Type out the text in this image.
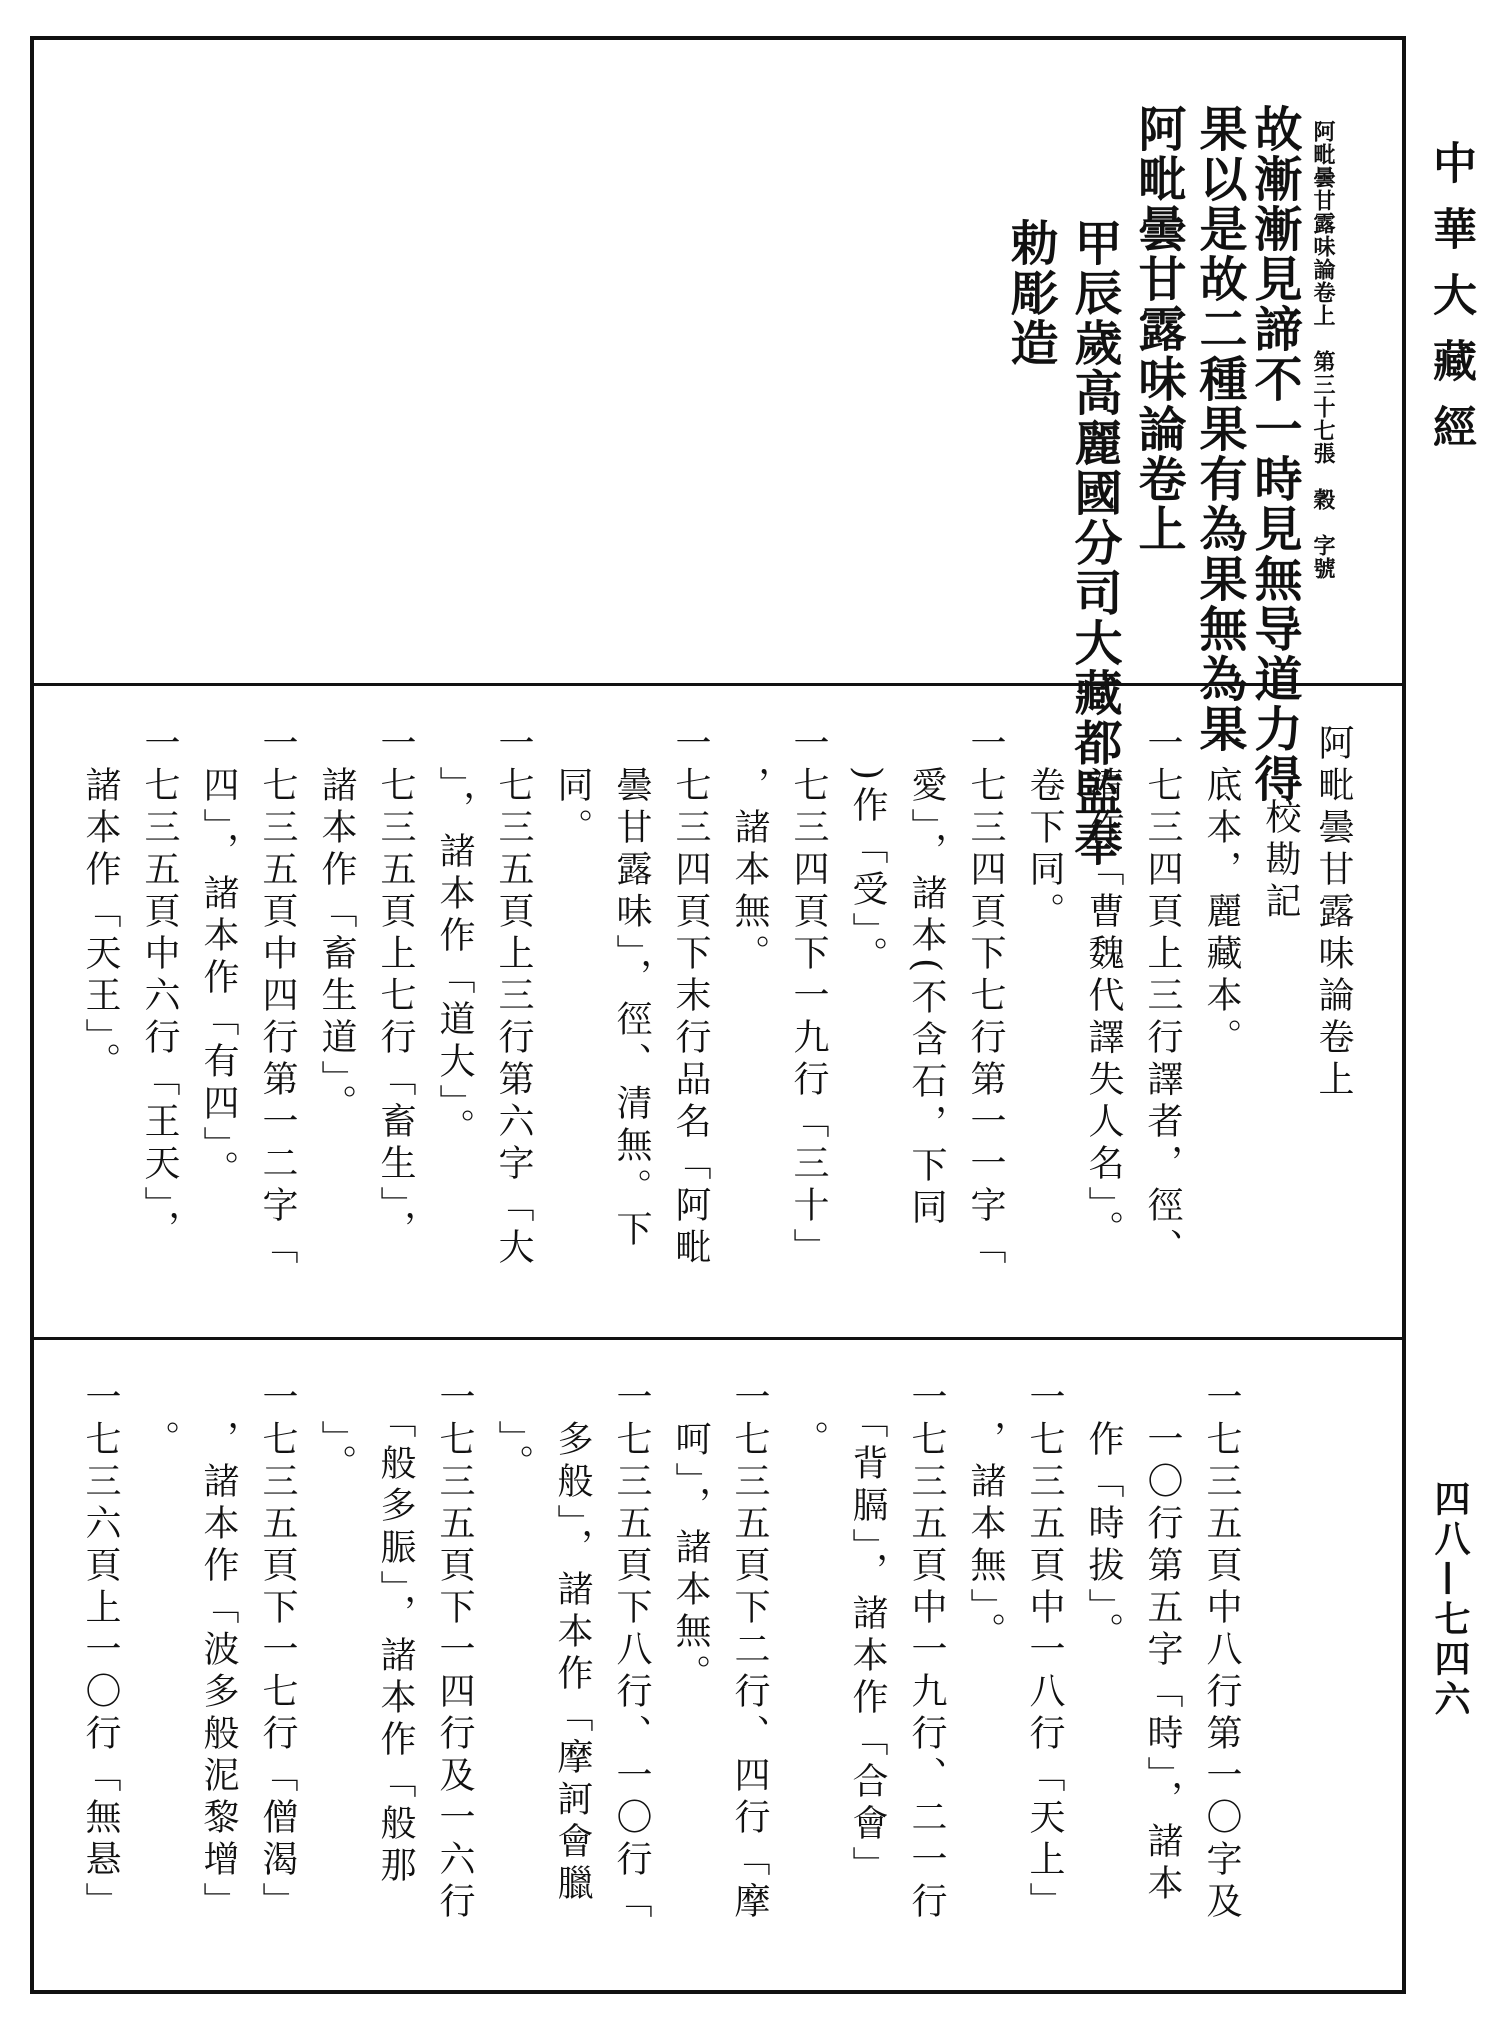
中華大藏經
四八—七四六
阿毗曇甘露味論卷上　第三十七張　穀　字號
故漸漸見諦不一時見無导道力得
果以是故二種果有為果無為果
阿毗曇甘露味論卷上
甲辰歲高麗國分司大藏都監奉
勅彫造
阿毗曇甘露味論卷上
校勘記
一底本，麗藏本。
一七三四頁上三行譯者，徑、
　清作「曹魏代譯失人名」。
　卷下同。
一七三四頁下七行第一一字「
　愛」，諸本(不含石，下同
　)作「受」。
一七三四頁下一九行「三十」
　，諸本無。
一七三四頁下末行品名「阿毗
　曇甘露味」，徑、清無。下
　同。
一七三五頁上三行第六字「大
　」，諸本作「道大」。
一七三五頁上七行「畜生」，
　諸本作「畜生道」。
一七三五頁中四行第一二字「
　四」，諸本作「有四」。
一七三五頁中六行「王天」，
　諸本作「天王」。
一七三五頁中八行第一〇字及
　一〇行第五字「時」，諸本
　作「時拔」。
一七三五頁中一八行「天上」
　，諸本無」。
一七三五頁中一九行、二一行
　「背膈」，諸本作「合會」
　。
一七三五頁下二行、四行「摩
　呵」，諸本無。
一七三五頁下八行、一〇行「
　多般」，諸本作「摩訶會臘
　」。
一七三五頁下一四行及一六行
　「般多脤」，諸本作「般那
　」。
一七三五頁下一七行「僧渴」
　，諸本作「波多般泥黎增」
　。
一七三六頁上一〇行「無悬」
